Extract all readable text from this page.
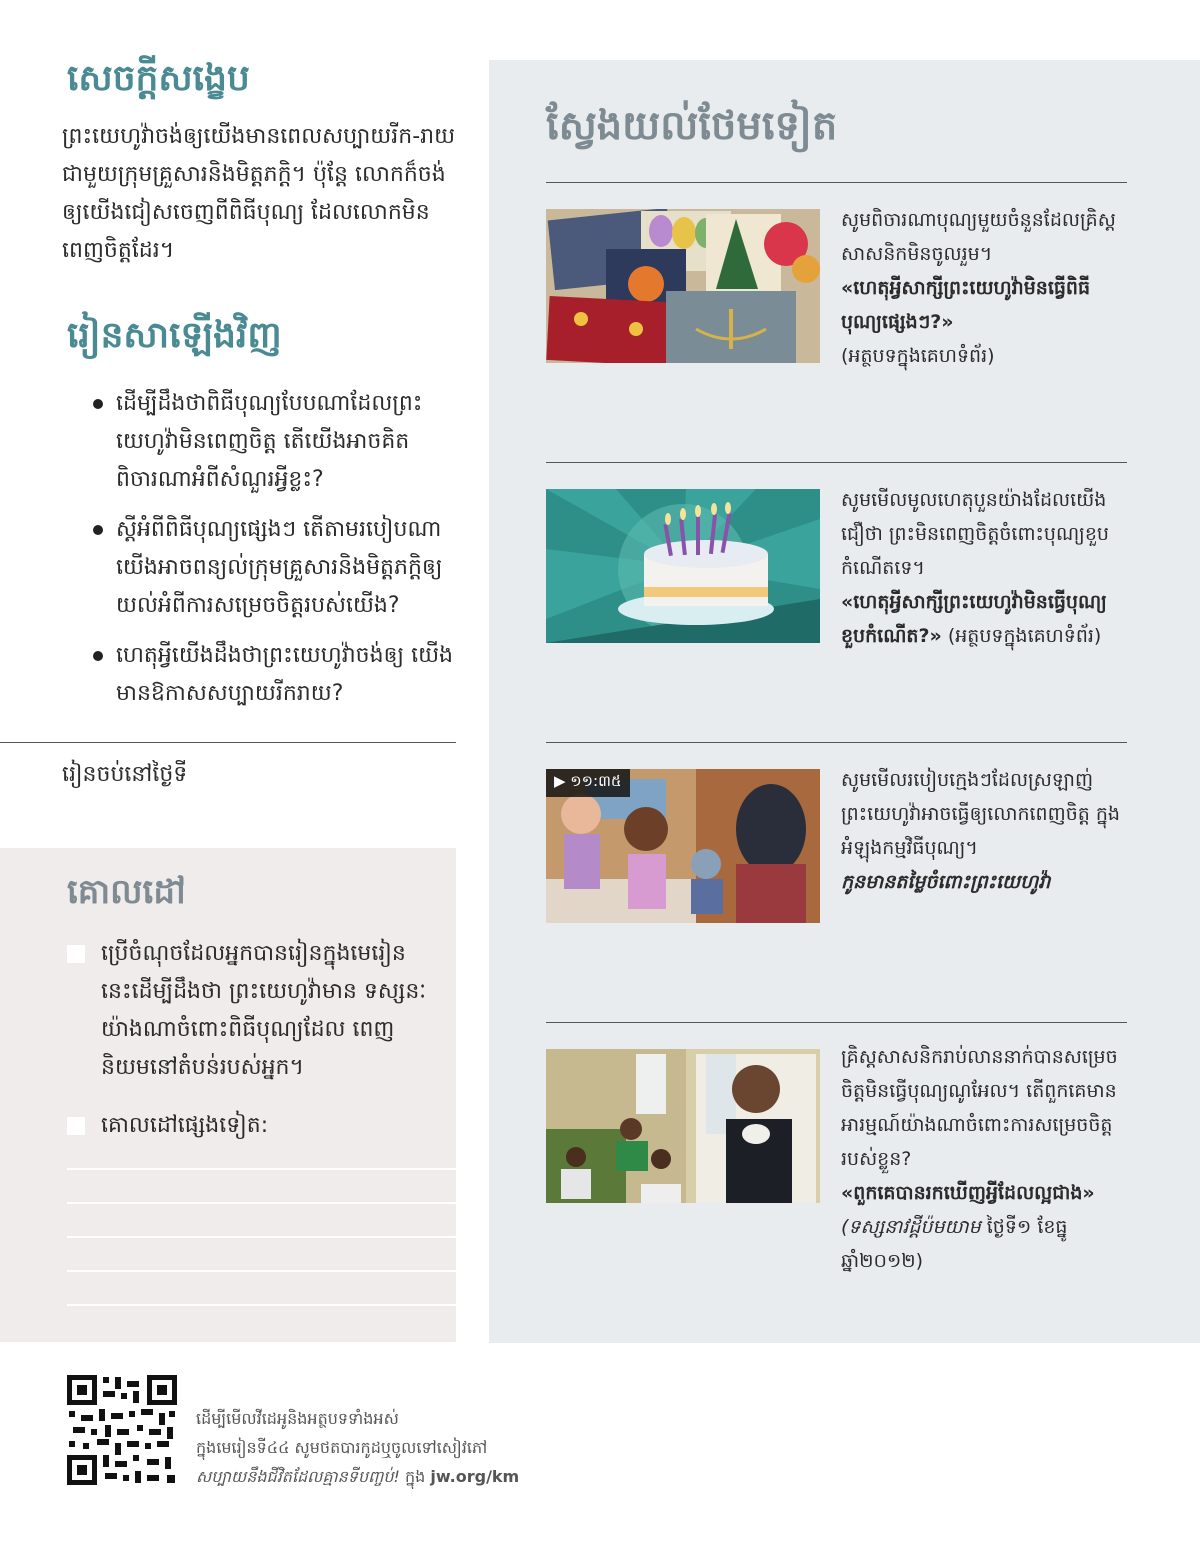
សេចក្ដីសង្ខេប
ព្រះយេហូវ៉ាចង់ឲ្យយើងមានពេលសប្បាយរីក-រាយជាមួយក្រុមគ្រួសារនិងមិត្តភក្ដិ។ ប៉ុន្តែ លោកក៏ចង់ឲ្យយើងជៀសចេញពីពិធីបុណ្យ ដែលលោកមិនពេញចិត្តដែរ។
រៀនសាឡើងវិញ
ដើម្បីដឹងថាពិធីបុណ្យបែបណាដែលព្រះ យេហូវ៉ាមិនពេញចិត្ត តើយើងអាចគិត ពិចារណាអំពីសំណួរអ្វីខ្លះ?
ស្ដីអំពីពិធីបុណ្យផ្សេងៗ តើតាមរបៀបណា យើងអាចពន្យល់ក្រុមគ្រួសារនិងមិត្តភក្ដិឲ្យ យល់អំពីការសម្រេចចិត្តរបស់យើង?
ហេតុអ្វីយើងដឹងថាព្រះយេហូវ៉ាចង់ឲ្យ យើងមានឱកាសសប្បាយរីករាយ?
រៀនចប់នៅថ្ងៃទី
គោលដៅ
ប្រើចំណុចដែលអ្នកបានរៀនក្នុងមេរៀន នេះដើម្បីដឹងថា ព្រះយេហូវ៉ាមាន ទស្សនៈយ៉ាងណាចំពោះពិធីបុណ្យដែល ពេញនិយមនៅតំបន់របស់អ្នក។
គោលដៅផ្សេងទៀត:
ស្វែងយល់ថែមទៀត
សូមពិចារណាបុណ្យមួយចំនួនដែលគ្រិស្ត សាសនិកមិនចូលរួម។
«ហេតុអ្វីសាក្សីព្រះយេហូវ៉ាមិនធ្វើពិធី បុណ្យផ្សេងៗ?»
(អត្ថបទក្នុងគេហទំព័រ)
សូមមើលមូលហេតុបួនយ៉ាងដែលយើង ជឿថា ព្រះមិនពេញចិត្តចំពោះបុណ្យខួប កំណើតទេ។
«ហេតុអ្វីសាក្សីព្រះយេហូវ៉ាមិនធ្វើបុណ្យ ខួបកំណើត?» (អត្ថបទក្នុងគេហទំព័រ)
▶ ១១:៣៥	សូមមើលរបៀបក្មេងៗដែលស្រឡាញ់ ព្រះយេហូវ៉ាអាចធ្វើឲ្យលោកពេញចិត្ត ក្នុងអំឡុងកម្មវិធីបុណ្យ។
កូនមានតម្លៃចំពោះព្រះយេហូវ៉ា
គ្រិស្តសាសនិករាប់លាននាក់បានសម្រេច ចិត្តមិនធ្វើបុណ្យណូអែល។ តើពួកគេមាន អារម្មណ៍យ៉ាងណាចំពោះការសម្រេចចិត្ត របស់ខ្លួន?
«ពួកគេបានរកឃើញអ្វីដែលល្អជាង»
(ទស្សនាវដ្ដីប៉មយាម ថ្ងៃទី១ ខែធ្នូ ឆ្នាំ២០១២)
ដើម្បីមើលវីដេអូនិងអត្ថបទទាំងអស់
ក្នុងមេរៀនទី៤៤ សូមថតបារកូដឬចូលទៅសៀវភៅ
សប្បាយនឹងជីវិតដែលគ្មានទីបញ្ចប់! ក្នុង jw.org/km
